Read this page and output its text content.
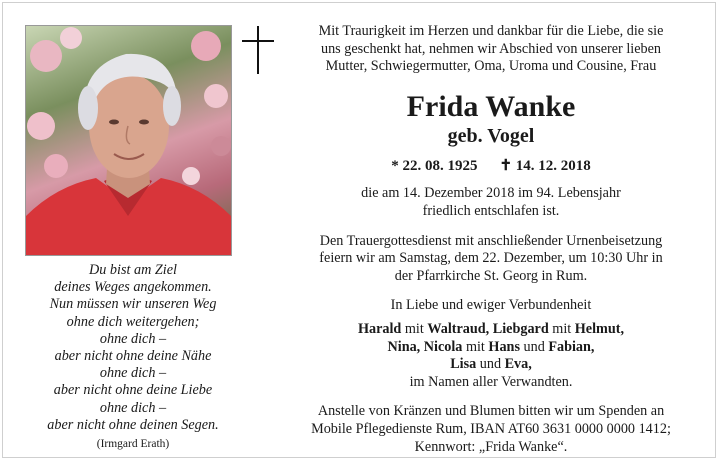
Du bist am Ziel
deines Weges angekommen.
Nun müssen wir unseren Weg
ohne dich weitergehen;
ohne dich –
aber nicht ohne deine Nähe
ohne dich –
aber nicht ohne deine Liebe
ohne dich –
aber nicht ohne deinen Segen.
(Irmgard Erath)
Mit Traurigkeit im Herzen und dankbar für die Liebe, die sie
uns geschenkt hat, nehmen wir Abschied von unserer lieben
Mutter, Schwiegermutter, Oma, Uroma und Cousine, Frau
Frida Wanke
geb. Vogel
* 22. 08. 1925 ✝ 14. 12. 2018
die am 14. Dezember 2018 im 94. Lebensjahr
friedlich entschlafen ist.
Den Trauergottesdienst mit anschließender Urnenbeisetzung
feiern wir am Samstag, dem 22. Dezember, um 10:30 Uhr in
der Pfarrkirche St. Georg in Rum.
In Liebe und ewiger Verbundenheit
Harald mit Waltraud, Liebgard mit Helmut,
Nina, Nicola mit Hans und Fabian,
Lisa und Eva,
im Namen aller Verwandten.
Anstelle von Kränzen und Blumen bitten wir um Spenden an
Mobile Pflegedienste Rum, IBAN AT60 3631 0000 0000 1412;
Kennwort: „Frida Wanke“.
